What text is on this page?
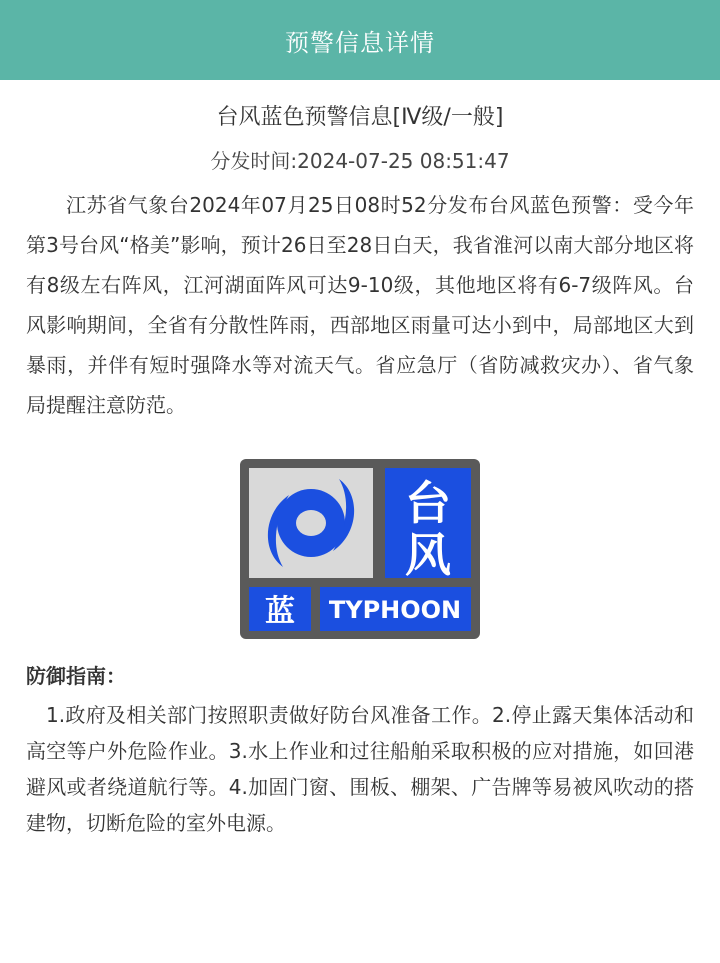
预警信息详情
台风蓝色预警信息[Ⅳ级/一般]
分发时间:2024-07-25 08:51:47
江苏省气象台2024年07月25日08时52分发布台风蓝色预警：受今年第3号台风“格美”影响，预计26日至28日白天，我省淮河以南大部分地区将有8级左右阵风，江河湖面阵风可达9-10级，其他地区将有6-7级阵风。台风影响期间，全省有分散性阵雨，西部地区雨量可达小到中，局部地区大到暴雨，并伴有短时强降水等对流天气。省应急厅（省防减救灾办）、省气象局提醒注意防范。
台
风
蓝 TYPHOON
防御指南：
1.政府及相关部门按照职责做好防台风准备工作。2.停止露天集体活动和高空等户外危险作业。3.水上作业和过往船舶采取积极的应对措施，如回港避风或者绕道航行等。4.加固门窗、围板、棚架、广告牌等易被风吹动的搭建物，切断危险的室外电源。
